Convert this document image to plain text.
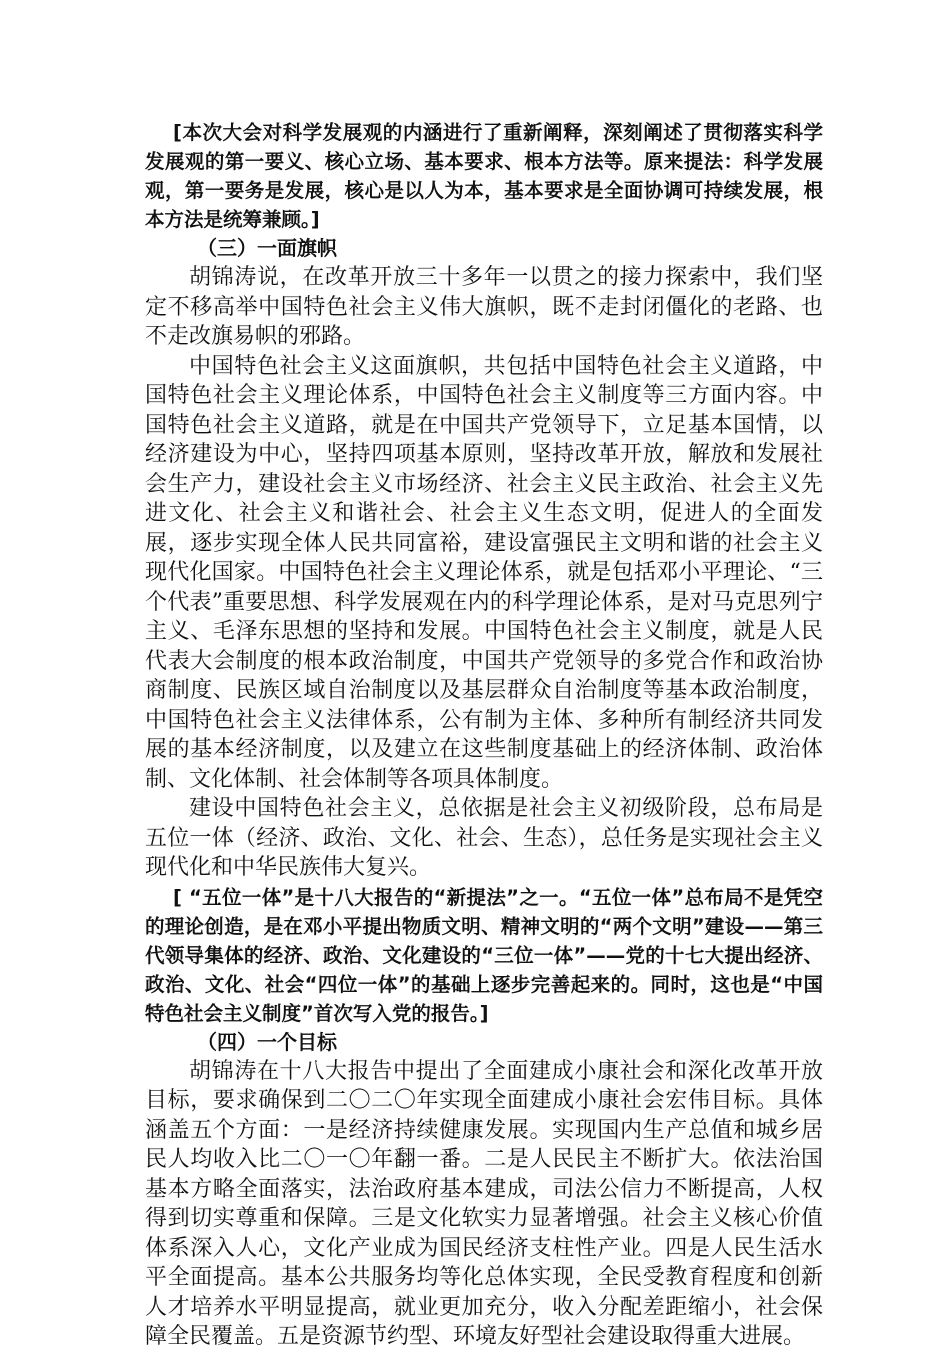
[本次大会对科学发展观的内涵进行了重新阐释，深刻阐述了贯彻落实科学发展观的第一要义、核心立场、基本要求、根本方法等。原来提法：科学发展观，第一要务是发展，核心是以人为本，基本要求是全面协调可持续发展，根本方法是统筹兼顾。]

（三）一面旗帜

胡锦涛说，在改革开放三十多年一以贯之的接力探索中，我们坚定不移高举中国特色社会主义伟大旗帜，既不走封闭僵化的老路、也不走改旗易帜的邪路。

中国特色社会主义这面旗帜，共包括中国特色社会主义道路，中国特色社会主义理论体系，中国特色社会主义制度等三方面内容。中国特色社会主义道路，就是在中国共产党领导下，立足基本国情，以经济建设为中心，坚持四项基本原则，坚持改革开放，解放和发展社会生产力，建设社会主义市场经济、社会主义民主政治、社会主义先进文化、社会主义和谐社会、社会主义生态文明，促进人的全面发展，逐步实现全体人民共同富裕，建设富强民主文明和谐的社会主义现代化国家。中国特色社会主义理论体系，就是包括邓小平理论、“三个代表”重要思想、科学发展观在内的科学理论体系，是对马克思列宁主义、毛泽东思想的坚持和发展。中国特色社会主义制度，就是人民代表大会制度的根本政治制度，中国共产党领导的多党合作和政治协商制度、民族区域自治制度以及基层群众自治制度等基本政治制度，中国特色社会主义法律体系，公有制为主体、多种所有制经济共同发展的基本经济制度，以及建立在这些制度基础上的经济体制、政治体制、文化体制、社会体制等各项具体制度。

建设中国特色社会主义，总依据是社会主义初级阶段，总布局是五位一体（经济、政治、文化、社会、生态），总任务是实现社会主义现代化和中华民族伟大复兴。

[ “五位一体”是十八大报告的“新提法”之一。“五位一体”总布局不是凭空的理论创造，是在邓小平提出物质文明、精神文明的“两个文明”建设——第三代领导集体的经济、政治、文化建设的“三位一体”——党的十七大提出经济、政治、文化、社会“四位一体”的基础上逐步完善起来的。同时，这也是“中国特色社会主义制度”首次写入党的报告。]

（四）一个目标

胡锦涛在十八大报告中提出了全面建成小康社会和深化改革开放目标，要求确保到二〇二〇年实现全面建成小康社会宏伟目标。具体涵盖五个方面：一是经济持续健康发展。实现国内生产总值和城乡居民人均收入比二〇一〇年翻一番。二是人民民主不断扩大。依法治国基本方略全面落实，法治政府基本建成，司法公信力不断提高，人权得到切实尊重和保障。三是文化软实力显著增强。社会主义核心价值体系深入人心，文化产业成为国民经济支柱性产业。四是人民生活水平全面提高。基本公共服务均等化总体实现，全民受教育程度和创新人才培养水平明显提高，就业更加充分，收入分配差距缩小，社会保障全民覆盖。五是资源节约型、环境友好型社会建设取得重大进展。
